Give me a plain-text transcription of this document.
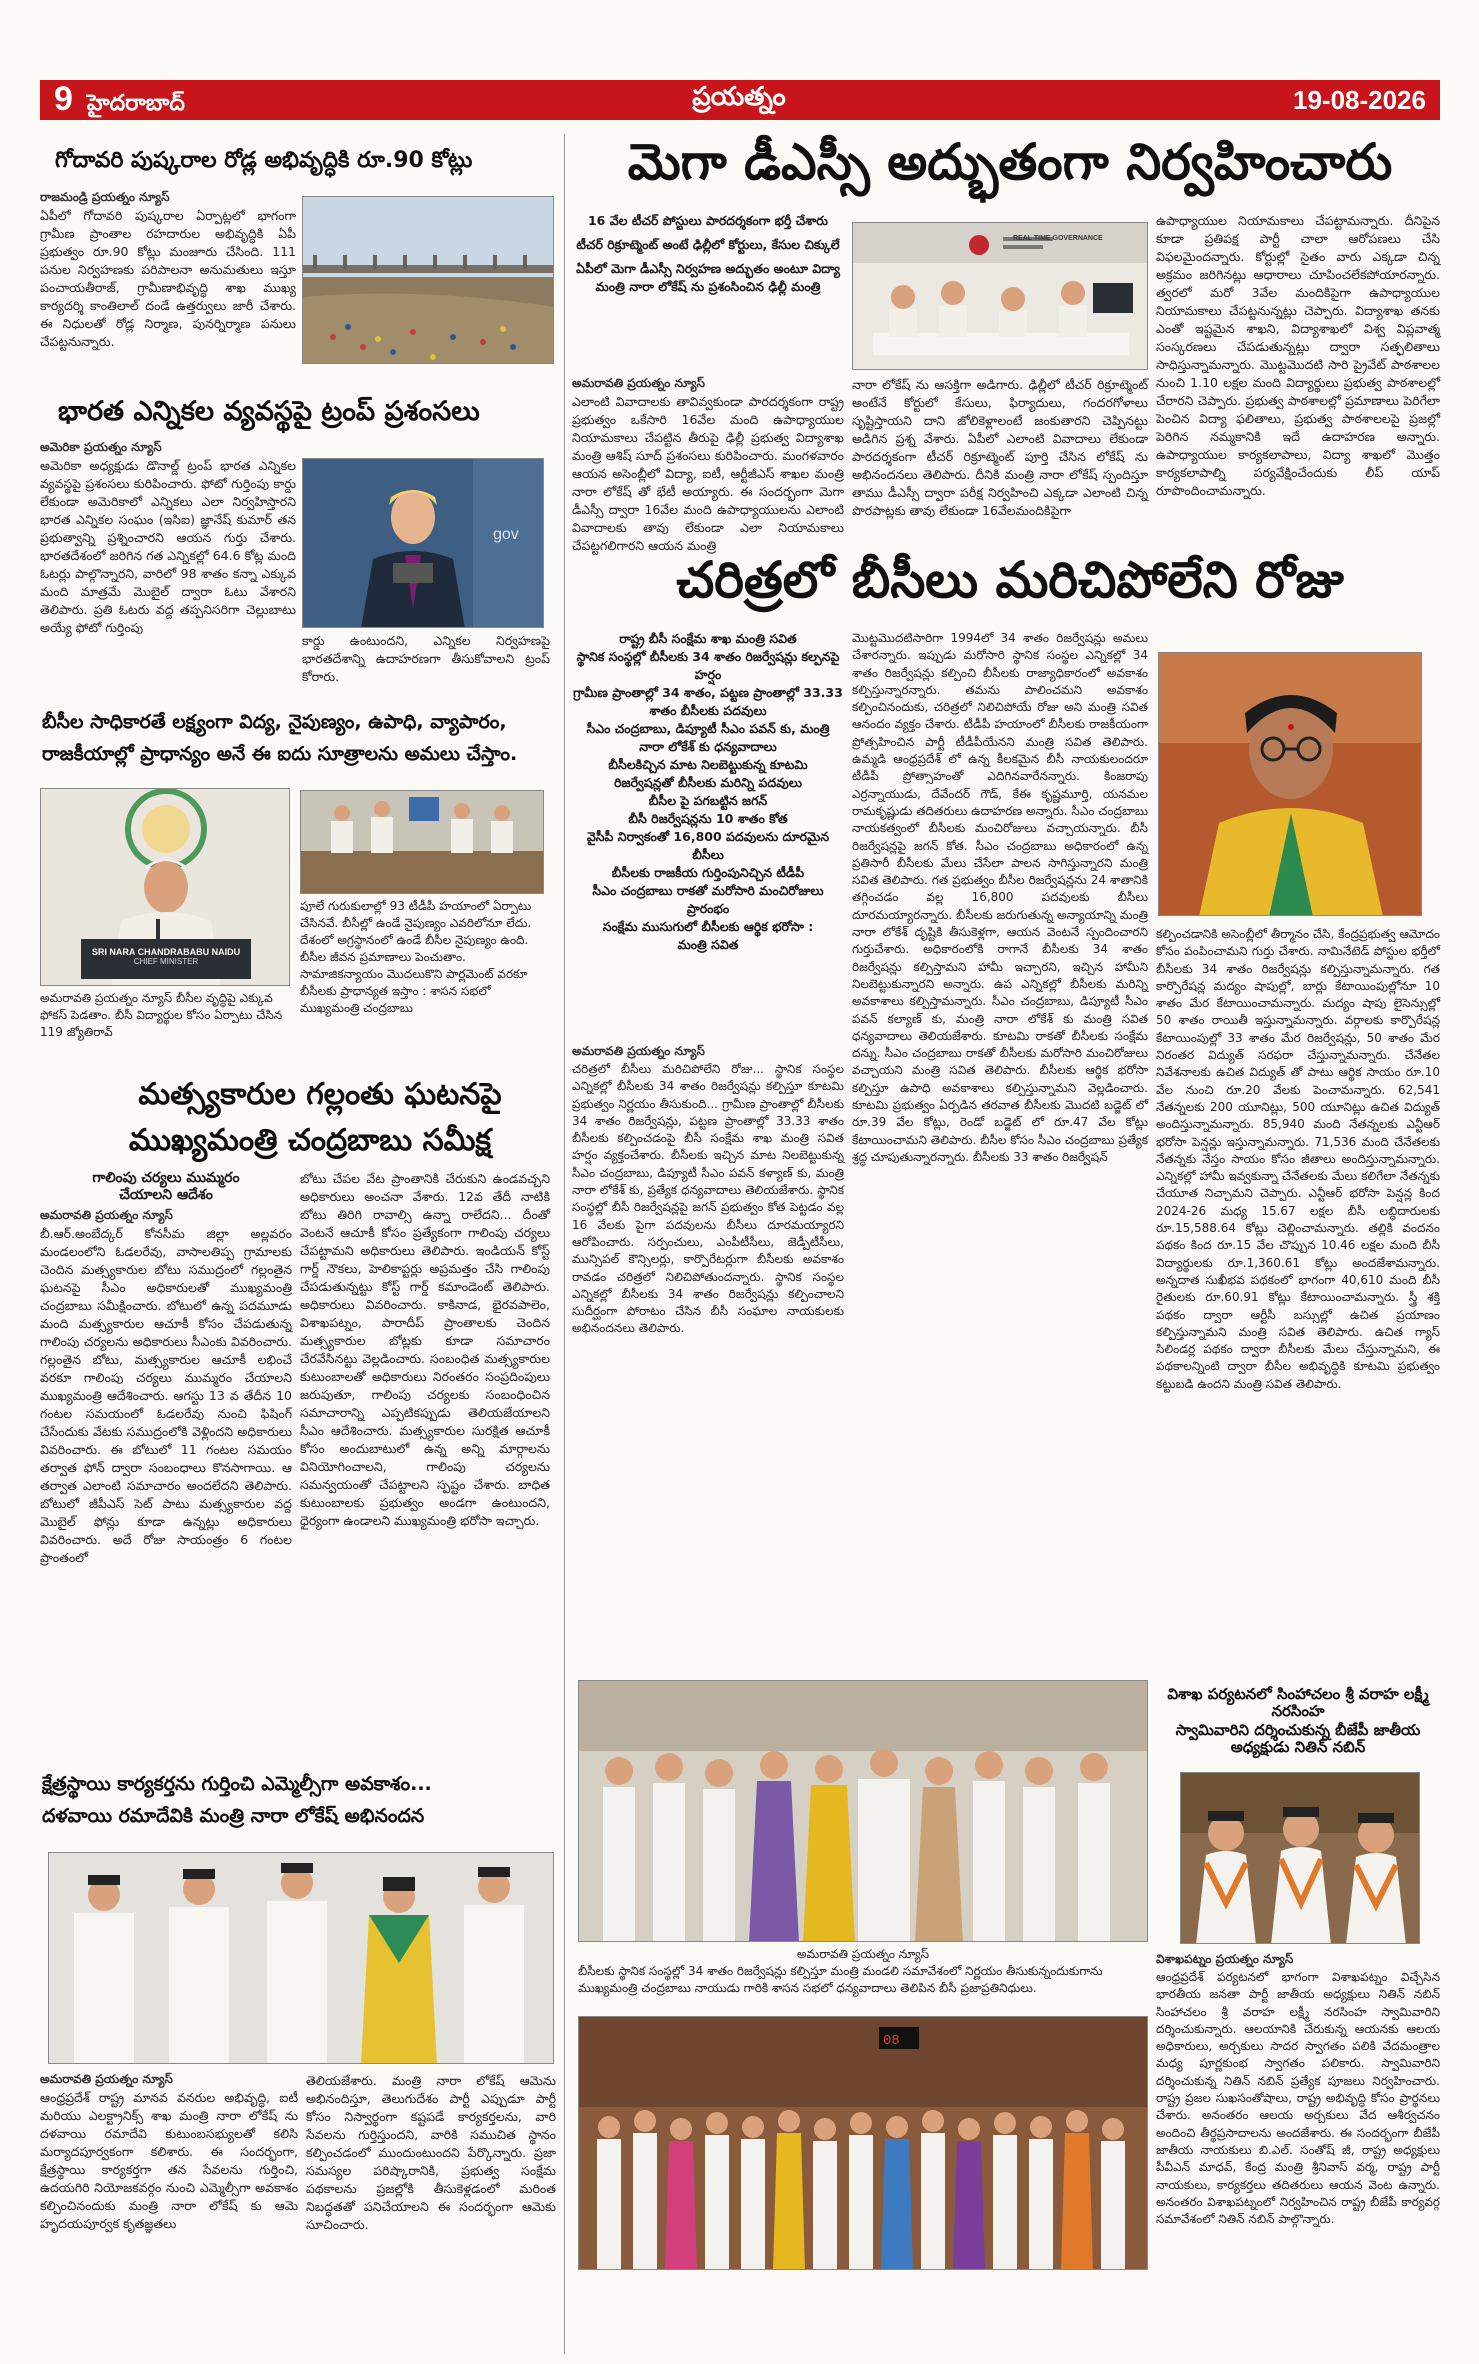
9 హైదరాబాద్	ప్రయత్నం	19-08-2026
గోదావరి పుష్కరాల రోడ్ల అభివృద్ధికి రూ.90 కోట్లు
రాజమండ్రి ప్రయత్నం న్యూస్
ఏపీలో గోదావరి పుష్కరాల ఏర్పాట్లలో భాగంగా గ్రామీణ ప్రాంతాల రహదారుల అభివృద్ధికి ఏపీ ప్రభుత్వం రూ.90 కోట్లు మంజూరు చేసింది. 111 పనుల నిర్వహణకు పరిపాలనా అనుమతులు ఇస్తూ పంచాయతీరాజ్, గ్రామీణాభివృద్ధి శాఖ ముఖ్య కార్యదర్శి కాంతిలాల్ దండే ఉత్తర్వులు జారీ చేశారు. ఈ నిధులతో రోడ్ల నిర్మాణ, పునర్నిర్మాణ పనులు చేపట్టనున్నారు.
భారత ఎన్నికల వ్యవస్థపై ట్రంప్ ప్రశంసలు
అమెరికా ప్రయత్నం న్యూస్
అమెరికా అధ్యక్షుడు డొనాల్డ్ ట్రంప్ భారత ఎన్నికల వ్యవస్థపై ప్రశంసలు కురిపించారు. ఫోటో గుర్తింపు కార్డు లేకుండా అమెరికాలో ఎన్నికలు ఎలా నిర్వహిస్తారని భారత ఎన్నికల సంఘం (ఇసిఐ) జ్ఞానేష్ కుమార్ తన ప్రభుత్వాన్ని ప్రశ్నించారని ఆయన గుర్తు చేశారు. భారతదేశంలో జరిగిన గత ఎన్నికల్లో 64.6 కోట్ల మంది ఓటర్లు పాల్గొన్నారని, వారిలో 98 శాతం కన్నా ఎక్కువ మంది మాత్రమే మొబైల్ ద్వారా ఓటు వేశారని తెలిపారు. ప్రతి ఓటరు వద్ద తప్పనిసరిగా చెల్లుబాటు అయ్యే ఫోటో గుర్తింపు
gov
కార్డు ఉంటుందని, ఎన్నికల నిర్వహణపై భారతదేశాన్ని ఉదాహరణగా తీసుకోవాలని ట్రంప్ కోరారు.
బీసీల సాధికారతే లక్ష్యంగా విద్య, నైపుణ్యం, ఉపాధి, వ్యాపారం,
రాజకీయాల్లో ప్రాధాన్యం అనే ఈ ఐదు సూత్రాలను అమలు చేస్తాం.
SRI NARA CHANDRABABU NAIDU
CHIEF MINISTER
పూలే గురుకులాల్లో 93 టీడీపీ హయాంలో ఏర్పాటు చేసినవే. బీసీల్లో ఉండే నైపుణ్యం ఎవరిలోనూ లేదు. దేశంలో అగ్రస్థానంలో ఉండే బీసీల నైపుణ్యం ఉంది. బీసీల జీవన ప్రమాణాలు పెంచుతాం. సామాజికన్యాయం మొదలుకొని పార్లమెంట్ వరకూ బీసీలకు ప్రాధాన్యత ఇస్తాం : శాసన సభలో ముఖ్యమంత్రి చంద్రబాబు
అమరావతి ప్రయత్నం న్యూస్ బీసీల వృద్ధిపై ఎక్కువ ఫోకస్ పెడతాం. బీసీ విద్యార్థుల కోసం ఏర్పాటు చేసిన 119 జ్యోతిరావ్
మత్స్యకారుల గల్లంతు ఘటనపై
ముఖ్యమంత్రి చంద్రబాబు సమీక్ష
గాలింపు చర్యలు ముమ్మరం
చేయాలని ఆదేశం
అమరావతి ప్రయత్నం న్యూస్
బీ.ఆర్.అంబేద్కర్ కోనసీమ జిల్లా అల్లవరం మండలంలోని ఓడలరేవు, వాసాలతిప్ప గ్రామాలకు చెందిన మత్స్యకారుల బోటు సముద్రంలో గల్లంతైన ఘటనపై సీఎం అధికారులతో ముఖ్యమంత్రి చంద్రబాబు సమీక్షించారు. బోటులో ఉన్న పదమూడు మంది మత్స్యకారుల ఆచూకీ కోసం చేపడుతున్న గాలింపు చర్యలను అధికారులు సీఎంకు వివరించారు. గల్లంతైన బోటు, మత్స్యకారుల ఆచూకీ లభించే వరకూ గాలింపు చర్యలు ముమ్మరం చేయాలని ముఖ్యమంత్రి ఆదేశించారు. ఆగస్టు 13 వ తేదీన 10 గంటల సమయంలో ఓడలరేవు నుంచి ఫిషింగ్ చేసేందుకు వేటకు సముద్రంలోకి వెళ్లిందని అధికారులు వివరించారు. ఈ బోటులో 11 గంటల సమయం తర్వాత ఫోన్ ద్వారా సంబంధాలు కొనసాగాయి. ఆ తర్వాత ఎలాంటి సమాచారం అందలేదని తెలిపారు. బోటులో జీపీఎస్ సెట్ పాటు మత్స్యకారుల వద్ద మొబైల్ ఫోన్లు కూడా ఉన్నట్లు అధికారులు వివరించారు. అదే రోజు సాయంత్రం 6 గంటల ప్రాంతంలో
బోటు చేపల వేట ప్రాంతానికి చేరుకుని ఉండవచ్చని అధికారులు అంచనా వేశారు. 12వ తేదీ నాటికి బోటు తిరిగి రావాల్సి ఉన్నా రాలేదని... దీంతో వెంటనే ఆచూకీ కోసం ప్రత్యేకంగా గాలింపు చర్యలు చేపట్టామని అధికారులు తెలిపారు. ఇండియన్ కోస్ట్ గార్డ్ నౌకలు, హెలికాప్టర్లు అప్రమత్తం చేసి గాలింపు చేపడుతున్నట్టు కోస్ట్ గార్డ్ కమాండెంట్ తెలిపారు. అధికారులు వివరించారు. కాకినాడ, భైరవపాలెం, విశాఖపట్నం, పారాదీప్ ప్రాంతాలకు చెందిన మత్స్యకారుల బోట్లకు కూడా సమాచారం చేరవేసినట్టు వెల్లడించారు. సంబంధిత మత్స్యకారుల కుటుంబాలతో అధికారులు నిరంతరం సంప్రదింపులు జరుపుతూ, గాలింపు చర్యలకు సంబంధించిన సమాచారాన్ని ఎప్పటికప్పుడు తెలియజేయాలని సీఎం ఆదేశించారు. మత్స్యకారుల సురక్షిత ఆచూకీ కోసం అందుబాటులో ఉన్న అన్ని మార్గాలను వినియోగించాలని, గాలింపు చర్యలను సమన్వయంతో చేపట్టాలని స్పష్టం చేశారు. బాధిత కుటుంబాలకు ప్రభుత్వం అండగా ఉంటుందని, ధైర్యంగా ఉండాలని ముఖ్యమంత్రి భరోసా ఇచ్చారు.
క్షేత్రస్థాయి కార్యకర్తను గుర్తించి ఎమ్మెల్సీగా అవకాశం...
దళవాయి రమాదేవికి మంత్రి నారా లోకేష్ అభినందన
అమరావతి ప్రయత్నం న్యూస్
ఆంధ్రప్రదేశ్ రాష్ట్ర మానవ వనరుల అభివృద్ధి, ఐటీ మరియు ఎలక్ట్రానిక్స్ శాఖ మంత్రి నారా లోకేష్ ను దళవాయి రమాదేవి కుటుంబసభ్యులతో కలిసి మర్యాదపూర్వకంగా కలిశారు. ఈ సందర్భంగా, క్షేత్రస్థాయి కార్యకర్తగా తన సేవలను గుర్తించి, ఉదయగిరి నియోజకవర్గం నుంచి ఎమ్మెల్సీగా అవకాశం కల్పించినందుకు మంత్రి నారా లోకేష్ కు ఆమె హృదయపూర్వక కృతజ్ఞతలు
తెలియజేశారు. మంత్రి నారా లోకేష్ ఆమెను అభినందిస్తూ, తెలుగుదేశం పార్టీ ఎప్పుడూ పార్టీ కోసం నిస్వార్థంగా కష్టపడే కార్యకర్తలను, వారి సేవలను గుర్తిస్తుందని, వారికి సముచిత స్థానం కల్పించడంలో ముందుంటుందని పేర్కొన్నారు. ప్రజా సమస్యల పరిష్కారానికి, ప్రభుత్వ సంక్షేమ పథకాలను ప్రజల్లోకి తీసుకెళ్లడంలో మరింత నిబద్ధతతో పనిచేయాలని ఈ సందర్భంగా ఆమెకు సూచించారు.
మెగా డీఎస్సీ అద్భుతంగా నిర్వహించారు
16 వేల టీచర్ పోస్టులు పారదర్శకంగా భర్తీ చేశారు
టీచర్ రిక్రూట్మెంట్ అంటే ఢిల్లీలో కోర్టులు, కేసుల చిక్కులే
ఏపీలో మెగా డీఎస్సీ నిర్వహణ అద్భుతం అంటూ విద్యా మంత్రి నారా లోకేష్ ను ప్రశంసించిన ఢిల్లీ మంత్రి
REAL TIME GOVERNANCE
అమరావతి ప్రయత్నం న్యూస్
ఎలాంటి వివాదాలకు తావివ్వకుండా పారదర్శకంగా రాష్ట్ర ప్రభుత్వం ఒకేసారి 16వేల మంది ఉపాధ్యాయుల నియామకాలు చేపట్టిన తీరుపై ఢిల్లీ ప్రభుత్వ విద్యాశాఖ మంత్రి ఆశిష్ సూద్ ప్రశంసలు కురిపించారు. మంగళవారం ఆయన అసెంబ్లీలో విద్యా, ఐటీ, ఆర్టీజీఎస్ శాఖల మంత్రి నారా లోకేష్ తో భేటీ అయ్యారు. ఈ సందర్భంగా మెగా డీఎస్సీ ద్వారా 16వేల మంది ఉపాధ్యాయులను ఎలాంటి వివాదాలకు తావు లేకుండా ఎలా నియామకాలు చేపట్టగలిగారని ఆయన మంత్రి
నారా లోకేష్ ను ఆసక్తిగా అడిగారు. ఢిల్లీలో టీచర్ రిక్రూట్మెంట్ అంటేనే కోర్టులో కేసులు, ఫిర్యాదులు, గందరగోళాలు సృష్టిస్తాయని దాని జోలికెళ్లాలంటే జంకుతారని చెప్పినట్టు అడిగిన ప్రశ్న వేశారు. ఏపీలో ఎలాంటి వివాదాలు లేకుండా పారదర్శకంగా టీచర్ రిక్రూట్మెంట్ పూర్తి చేసిన లోకేష్ ను అభినందనలు తెలిపారు. దీనికి మంత్రి నారా లోకేష్ స్పందిస్తూ తాము డీఎస్సీ ద్వారా పరీక్ష నిర్వహించి ఎక్కడా ఎలాంటి చిన్న పొరపాట్లకు తావు లేకుండా 16వేలమందికిపైగా
ఉపాధ్యాయుల నియామకాలు చేపట్టామన్నారు. దీనిపైన కూడా ప్రతిపక్ష పార్టీ చాలా ఆరోపణలు చేసి విఫలమైందన్నారు. కోర్టుల్లో సైతం వారు ఎక్కడా చిన్న అక్రమం జరిగినట్లు ఆధారాలు చూపించలేకపోయారన్నారు. త్వరలో మరో 3వేల మందికిపైగా ఉపాధ్యాయుల నియామకాలు చేపట్టనున్నట్లు చెప్పారు. విద్యాశాఖ తనకు ఎంతో ఇష్టమైన శాఖని, విద్యాశాఖలో విశ్వ విప్లవాత్మ సంస్కరణలు చేపడుతున్నట్లు ద్వారా సత్ఫలితాలు సాధిస్తున్నామన్నారు. మొట్టమొదటి సారి ప్రైవేట్ పాఠశాలల నుంచి 1.10 లక్షల మంది విద్యార్థులు ప్రభుత్వ పాఠశాలల్లో చేరారని చెప్పారు. ప్రభుత్వ పాఠశాలల్లో ప్రమాణాలు పెరిగేలా పెంచిన విద్యా ఫలితాలు, ప్రభుత్వ పాఠశాలలపై ప్రజల్లో పెరిగిన నమ్మకానికి ఇదే ఉదాహరణ అన్నారు. ఉపాధ్యాయుల కార్యకలాపాలు, విద్యా శాఖలో మొత్తం కార్యకలాపాల్ని పర్యవేక్షించేందుకు లీప్ యాప్ రూపొందించామన్నారు.
చరిత్రలో బీసీలు మరిచిపోలేని రోజు
రాష్ట్ర బీసీ సంక్షేమ శాఖ మంత్రి సవిత
స్థానిక సంస్థల్లో బీసీలకు 34 శాతం రిజర్వేషన్లు కల్పనపై హర్షం
గ్రామీణ ప్రాంతాల్లో 34 శాతం, పట్టణ ప్రాంతాల్లో 33.33 శాతం బీసీలకు పదవులు
సీఎం చంద్రబాబు, డిప్యూటీ సీఎం పవన్ కు, మంత్రి నారా లోకేశ్ కు ధన్యవాదాలు
బీసీలకిచ్చిన మాట నిలబెట్టుకున్న కూటమి
రిజర్వేషన్లతో బీసీలకు మరిన్ని పదవులు
బీసీల పై పగబట్టిన జగన్
బీసీ రిజర్వేషన్లను 10 శాతం కోత
వైసీపీ నిర్వాకంతో 16,800 పదవులను దూరమైన బీసీలు
బీసీలకు రాజకీయ గుర్తింపునిచ్చిన టీడీపీ
సీఎం చంద్రబాబు రాకతో మరోసారి మంచిరోజులు ప్రారంభం
సంక్షేమ ముసుగులో బీసీలకు ఆర్థిక భరోసా :
మంత్రి సవిత
అమరావతి ప్రయత్నం న్యూస్
చరిత్రలో బీసీలు మరిచిపోలేని రోజు... స్థానిక సంస్థల ఎన్నికల్లో బీసీలకు 34 శాతం రిజర్వేషన్లు కల్పిస్తూ కూటమి ప్రభుత్వం నిర్ణయం తీసుకుంది... గ్రామీణ ప్రాంతాల్లో బీసీలకు 34 శాతం రిజర్వేషన్లు, పట్టణ ప్రాంతాల్లో 33.33 శాతం బీసీలకు కల్పించడంపై బీసీ సంక్షేమ శాఖ మంత్రి సవిత హర్షం వ్యక్తంచేశారు. బీసీలకు ఇచ్చిన మాట నిలబెట్టుకున్న సీఎం చంద్రబాబు, డిప్యూటీ సీఎం పవన్ కళ్యాణ్ కు, మంత్రి నారా లోకేశ్ కు, ప్రత్యేక ధన్యవాదాలు తెలియజేశారు. స్థానిక సంస్థల్లో బీసీ రిజర్వేషన్లపై జగన్ ప్రభుత్వం కోత పెట్టడం వల్ల 16 వేలకు పైగా పదవులను బీసీలు దూరమయ్యారని ఆరోపించారు. సర్పంచులు, ఎంపీటీసీలు, జెడ్పీటీసీలు, మున్సిపల్ కౌన్సిలర్లు, కార్పొరేటర్లుగా బీసీలకు అవకాశం రావడం చరిత్రలో నిలిచిపోతుందన్నారు. స్థానిక సంస్థల ఎన్నికల్లో బీసీలకు 34 శాతం రిజర్వేషన్లు కల్పించాలని సుదీర్ఘంగా పోరాటం చేసిన బీసీ సంఘాల నాయకులకు అభినందనలు తెలిపారు.
మొట్టమొదటిసారిగా 1994లో 34 శాతం రిజర్వేషన్లు అమలు చేశారన్నారు. ఇప్పుడు మరోసారి స్థానిక సంస్థల ఎన్నికల్లో 34 శాతం రిజర్వేషన్లు కల్పించి బీసీలకు రాజ్యాధికారంలో అవకాశం కల్పిస్తున్నారన్నారు. తమను పాలించమని అవకాశం కల్పించినందుకు, చరిత్రలో నిలిచిపోయే రోజు అని మంత్రి సవిత ఆనందం వ్యక్తం చేశారు. టీడీపీ హయాంలో బీసీలకు రాజకీయంగా ప్రోత్సహించిన పార్టీ టీడీపీయేనని మంత్రి సవిత తెలిపారు. ఉమ్మడి ఆంధ్రప్రదేశ్ లో ఉన్న కీలకమైన బీసీ నాయకులందరూ టీడీపీ ప్రోత్సాహంతో ఎదిగినవారేనన్నారు. కింజరాపు ఎర్రన్నాయుడు, దేవేందర్ గౌడ్, కేఈ కృష్ణమూర్తి, యనమల రామకృష్ణుడు తదితరులు ఉదాహరణ అన్నారు. సీఎం చంద్రబాబు నాయకత్వంలో బీసీలకు మంచిరోజులు వచ్చాయన్నారు. బీసీ రిజర్వేషన్లపై జగన్ కోత. సీఎం చంద్రబాబు అధికారంలో ఉన్న ప్రతిసారీ బీసీలకు మేలు చేసేలా పాలన సాగిస్తున్నారని మంత్రి సవిత తెలిపారు. గత ప్రభుత్వం బీసీల రిజర్వేషన్లను 24 శాతానికి తగ్గించడం వల్ల 16,800 పదవులకు బీసీలు దూరమయ్యారన్నారు. బీసీలకు జరుగుతున్న అన్యాయాన్ని మంత్రి నారా లోకేశ్ దృష్టికి తీసుకెళ్లగా, ఆయన వెంటనే స్పందించారని గుర్తుచేశారు. అధికారంలోకి రాగానే బీసీలకు 34 శాతం రిజర్వేషన్లు కల్పిస్తామని హామీ ఇచ్చారని, ఇచ్చిన హామీని నిలబెట్టుకున్నారని అన్నారు. ఉప ఎన్నికల్లో బీసీలకు మరిన్ని అవకాశాలు కల్పిస్తామన్నారు. సీఎం చంద్రబాబు, డిప్యూటీ సీఎం పవన్ కల్యాణ్ కు, మంత్రి నారా లోకేశ్ కు మంత్రి సవిత ధన్యవాదాలు తెలియజేశారు. కూటమి రాకతో బీసీలకు సంక్షేమ దన్ను. సీఎం చంద్రబాబు రాకతో బీసీలకు మరోసారి మంచిరోజులు వచ్చాయని మంత్రి సవిత తెలిపారు. బీసీలకు ఆర్థిక భరోసా కల్పిస్తూ ఉపాధి అవకాశాలు కల్పిస్తున్నామని వెల్లడించారు. కూటమి ప్రభుత్వం ఏర్పడిన తరవాత బీసీలకు మొదటి బడ్జెట్ లో రూ.39 వేల కోట్లు, రెండో బడ్జెట్ లో రూ.47 వేల కోట్లు కేటాయించామని తెలిపారు. బీసీల కోసం సీఎం చంద్రబాబు ప్రత్యేక శ్రద్ధ చూపుతున్నారన్నారు. బీసీలకు 33 శాతం రిజర్వేషన్
కల్పించడానికి అసెంబ్లీలో తీర్మానం చేసి, కేంద్రప్రభుత్వ ఆమోదం కోసం పంపించామని గుర్తు చేశారు. నామినేటెడ్ పోస్టుల భర్తీలో బీసీలకు 34 శాతం రిజర్వేషన్లు కల్పిస్తున్నామన్నారు. గత కార్పొరేషన్ల మద్యం షాపుల్లో, బార్లు కేటాయింపుల్లోనూ 10 శాతం మేర కేటాయించామన్నారు. మద్యం షాపు లైసెన్సుల్లో 50 శాతం రాయితీ ఇస్తున్నామన్నారు. వర్గాలకు కార్పొరేషన్ల కేటాయింపుల్లో 33 శాతం మేర రిజర్వేషన్లు, 50 శాతం మేర నిరంతర విద్యుత్ సరఫరా చేస్తున్నామన్నారు. చేనేతల నివేశనాలకు ఉచిత విద్యుత్ తో పాటు ఆర్థిక సాయం రూ.10 వేల నుంచి రూ.20 వేలకు పెంచామన్నారు. 62,541 నేతన్నలకు 200 యూనిట్లు, 500 యూనిట్లు ఉచిత విద్యుత్ అందిస్తున్నామన్నారు. 85,940 మంది నేతన్నలకు ఎన్టీఆర్ భరోసా పెన్షన్లు ఇస్తున్నామన్నారు. 71,536 మంది చేనేతలకు నేతన్నకు నేస్తం సాయం కోసం జీతాలు అందిస్తున్నామన్నారు. ఎన్నికల్లో హామీ ఇవ్వకున్నా చేనేతలకు మేలు కలిగేలా నేతన్నకు చేయూత నిచ్చామని చెప్పారు. ఎన్టీఆర్ భరోసా పెన్షన్ల కింద 2024-26 మధ్య 15.67 లక్షల బీసీ లబ్ధిదారులకు రూ.15,588.64 కోట్లు చెల్లించామన్నారు. తల్లికి వందనం పథకం కింద రూ.15 వేల చొప్పున 10.46 లక్షల మంది బీసీ విద్యార్థులకు రూ.1,360.61 కోట్లు అందజేశామన్నారు. అన్నదాత సుఖీభవ పథకంలో భాగంగా 40,610 మంది బీసీ రైతులకు రూ.60.91 కోట్లు కేటాయించామన్నారు. స్త్రీ శక్తి పథకం ద్వారా ఆర్టీసీ బస్సుల్లో ఉచిత ప్రయాణం కల్పిస్తున్నామని మంత్రి సవిత తెలిపారు. ఉచిత గ్యాస్ సిలిండర్ల పథకం ద్వారా బీసీలకు మేలు చేస్తున్నామని, ఈ పథకాలన్నింటి ద్వారా బీసీల అభివృద్ధికి కూటమి ప్రభుత్వం కట్టుబడి ఉందని మంత్రి సవిత తెలిపారు.
అమరావతి ప్రయత్నం న్యూస్
బీసీలకు స్థానిక సంస్థల్లో 34 శాతం రిజర్వేషన్లు కల్పిస్తూ మంత్రి మండలి సమావేశంలో నిర్ణయం తీసుకున్నందుకుగాను ముఖ్యమంత్రి చంద్రబాబు నాయుడు గారికి శాసన సభలో ధన్యవాదాలు తెలిపిన బీసీ ప్రజాప్రతినిధులు.
08
విశాఖ పర్యటనలో సింహాచలం శ్రీ వరాహ లక్ష్మీ నరసింహ
స్వామివారిని దర్శించుకున్న బీజేపీ జాతీయ అధ్యక్షుడు నితిన్ నబిన్
విశాఖపట్నం ప్రయత్నం న్యూస్
ఆంధ్రప్రదేశ్ పర్యటనలో భాగంగా విశాఖపట్నం విచ్చేసిన భారతీయ జనతా పార్టీ జాతీయ అధ్యక్షులు నితిన్ నబిన్ సింహాచలం శ్రీ వరాహ లక్ష్మీ నరసింహ స్వామివారిని దర్శించుకున్నారు. ఆలయానికి చేరుకున్న ఆయనకు ఆలయ అధికారులు, అర్చకులు సాదర స్వాగతం పలికి వేదమంత్రాల మధ్య పూర్ణకుంభ స్వాగతం పలికారు. స్వామివారిని దర్శించుకున్న నితిన్ నబిన్ ప్రత్యేక పూజలు నిర్వహించారు. రాష్ట్ర ప్రజల సుఖసంతోషాలు, రాష్ట్ర అభివృద్ధి కోసం ప్రార్థనలు చేశారు. అనంతరం ఆలయ అర్చకులు వేద ఆశీర్వచనం అందించి తీర్థప్రసాదాలను అందజేశారు. ఈ సందర్భంగా బీజేపీ జాతీయ నాయకులు బి.ఎల్. సంతోష్ జీ, రాష్ట్ర అధ్యక్షులు పీవీఎన్ మాధవ్, కేంద్ర మంత్రి శ్రీనివాస్ వర్మ, రాష్ట్ర పార్టీ నాయకులు, కార్యకర్తలు తదితరులు ఆయన వెంట ఉన్నారు. అనంతరం విశాఖపట్నంలో నిర్వహించిన రాష్ట్ర బీజేపీ కార్యవర్గ సమావేశంలో నితిన్ నబిన్ పాల్గొన్నారు.
